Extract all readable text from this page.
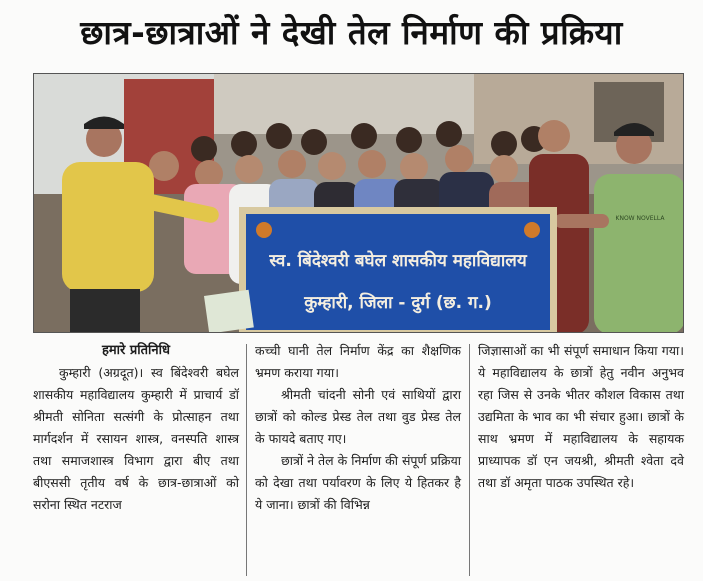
छात्र-छात्राओं ने देखी तेल निर्माण की प्रक्रिया
स्व. बिंदेश्वरी बघेल शासकीय महाविद्यालय
कुम्हारी, जिला - दुर्ग (छ. ग.)
KNOW NOVELLA

हमारे प्रतिनिधि

कुम्हारी (अग्रदूत)। स्व बिंदेश्वरी बघेल शासकीय महाविद्यालय कुम्हारी में प्राचार्य डॉ श्रीमती सोनिता सत्संगी के प्रोत्साहन तथा मार्गदर्शन में रसायन शास्त्र, वनस्पति शास्त्र तथा समाजशास्त्र विभाग द्वारा बीए तथा बीएससी तृतीय वर्ष के छात्र-छात्राओं को सरोना स्थित नटराज

कच्ची घानी तेल निर्माण केंद्र का शैक्षणिक भ्रमण कराया गया।

श्रीमती चांदनी सोनी एवं साथियों द्वारा छात्रों को कोल्ड प्रेस्ड तेल तथा वुड प्रेस्ड तेल के फायदे बताए गए।

छात्रों ने तेल के निर्माण की संपूर्ण प्रक्रिया को देखा तथा पर्यावरण के लिए ये हितकर है ये जाना। छात्रों की विभिन्न

जिज्ञासाओं का भी संपूर्ण समाधान किया गया। ये महाविद्यालय के छात्रों हेतु नवीन अनुभव रहा जिस से उनके भीतर कौशल विकास तथा उद्यमिता के भाव का भी संचार हुआ। छात्रों के साथ भ्रमण में महाविद्यालय के सहायक प्राध्यापक डॉ एन जयश्री, श्रीमती श्वेता दवे तथा डॉ अमृता पाठक उपस्थित रहे।
